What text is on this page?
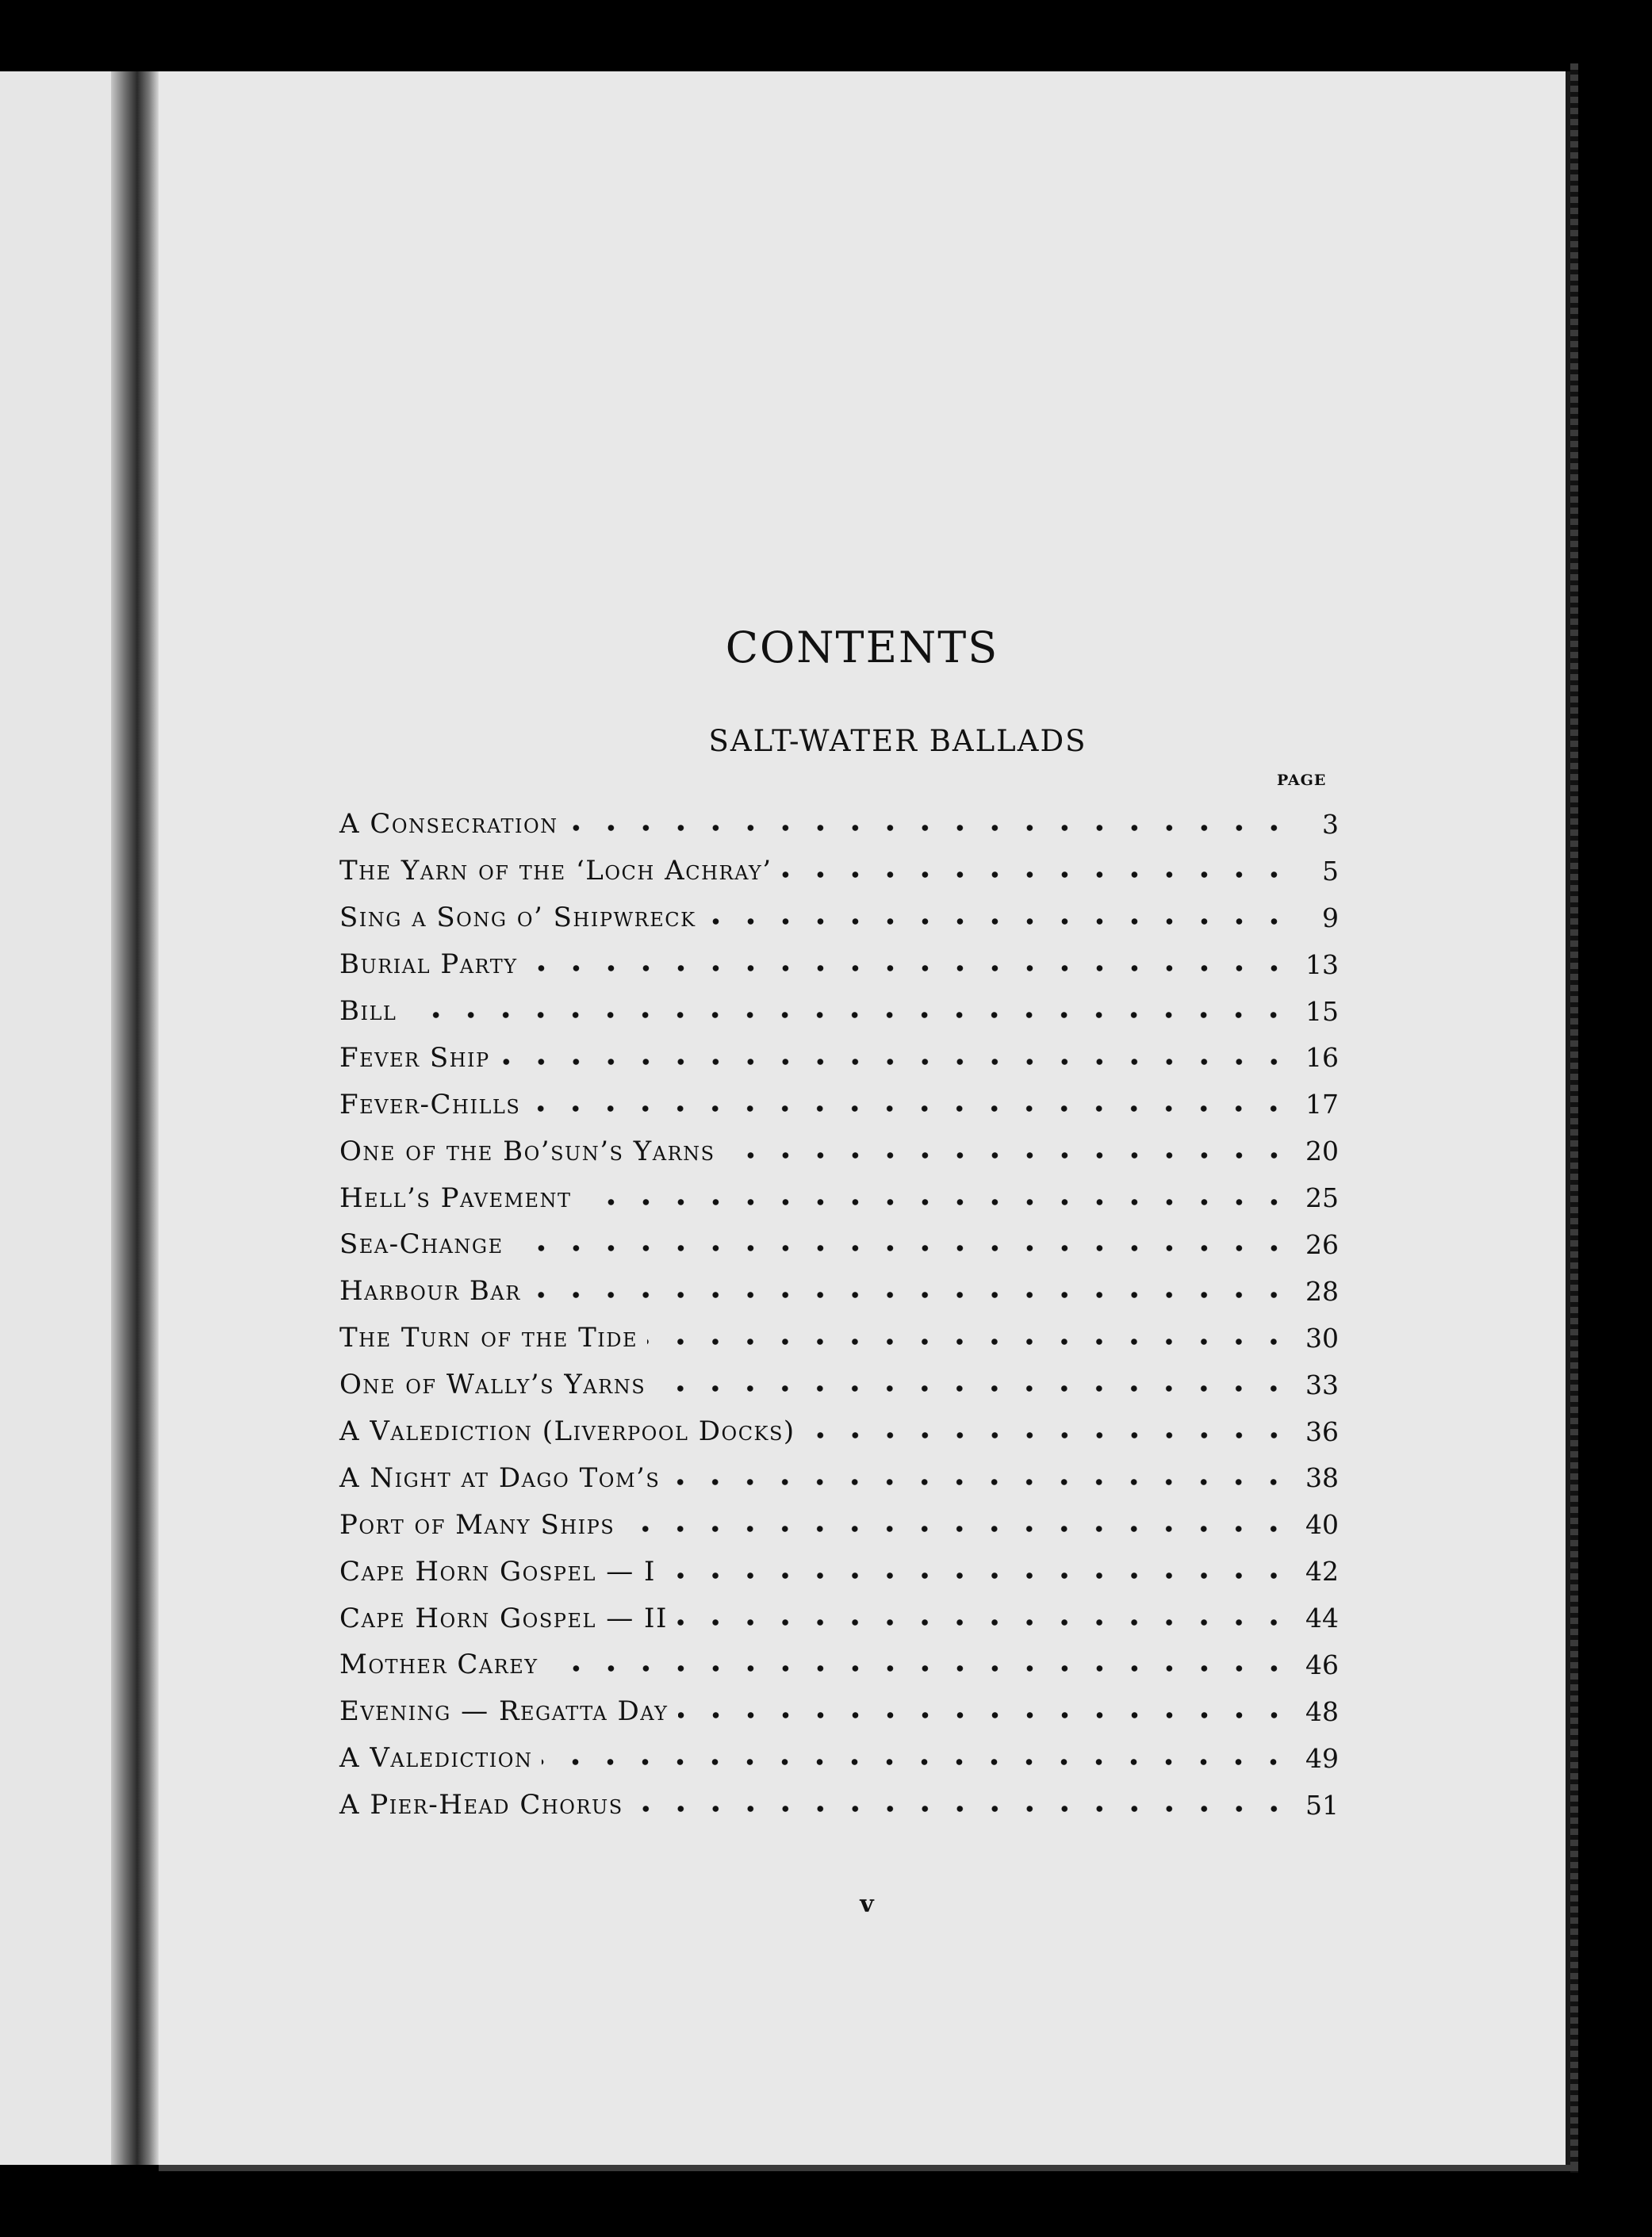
CONTENTS
SALT-WATER BALLADS
PAGE
A Consecration	3
The Yarn of the ‘Loch Achray’	5
Sing a Song o’ Shipwreck	9
Burial Party	13
Bill	15
Fever Ship	16
Fever-Chills	17
One of the Bo’sun’s Yarns	20
Hell’s Pavement	25
Sea-Change	26
Harbour Bar	28
The Turn of the Tide	30
One of Wally’s Yarns	33
A Valediction (Liverpool Docks)	36
A Night at Dago Tom’s	38
Port of Many Ships	40
Cape Horn Gospel — I	42
Cape Horn Gospel — II	44
Mother Carey	46
Evening — Regatta Day	48
A Valediction	49
A Pier-Head Chorus	51
v
